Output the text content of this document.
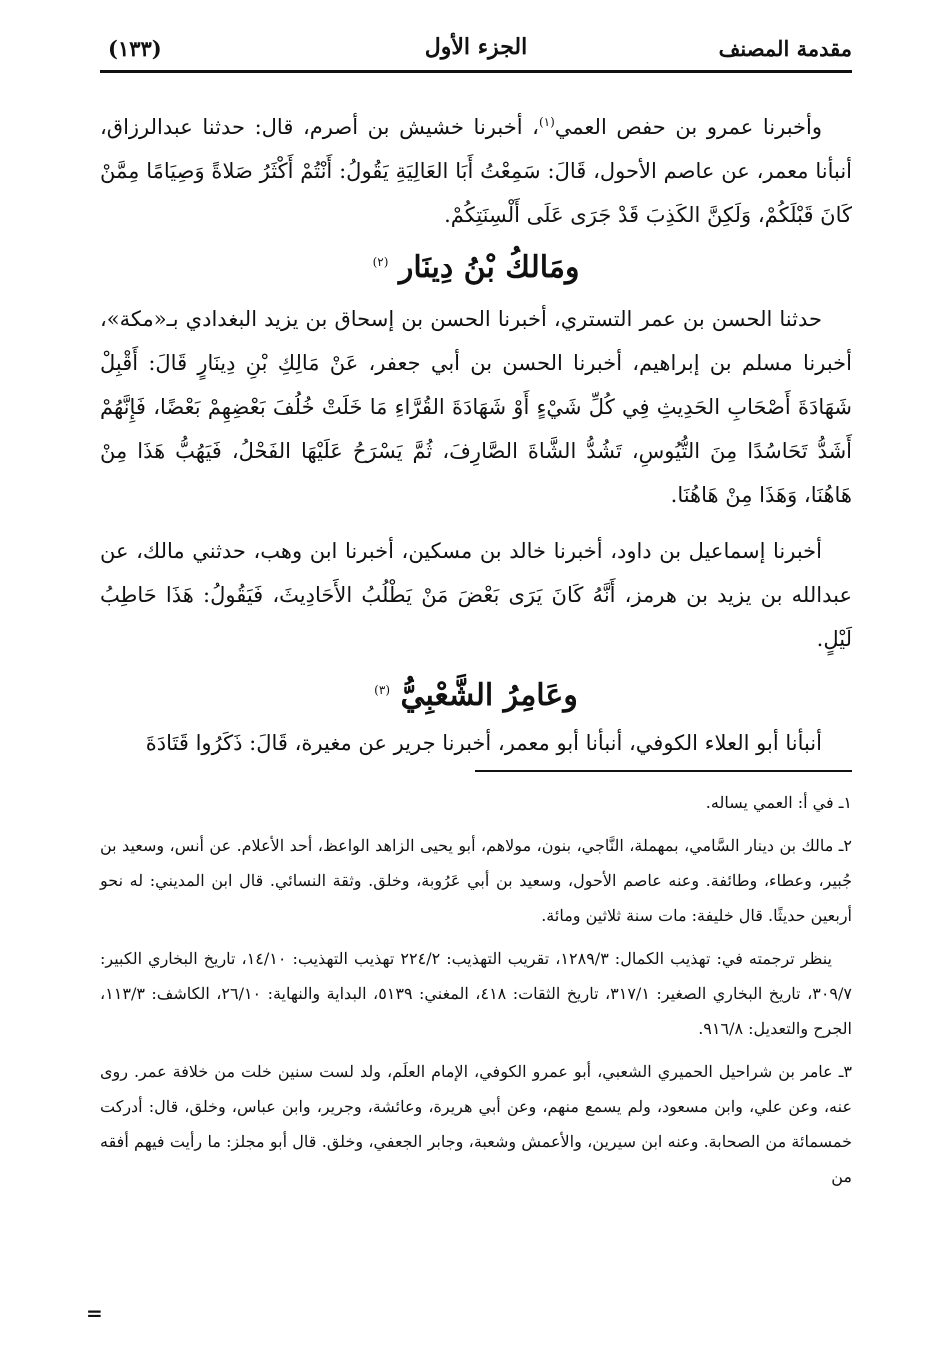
مقدمة المصنف
الجزء الأول
(١٣٣)

وأخبرنا عمرو بن حفص العمي$^{(١)}$، أخبرنا خشيش بن أصرم، قال: حدثنا عبدالرزاق، أنبأنا معمر، عن عاصم الأحول، قَالَ: سَمِعْتُ أَبَا العَالِيَةِ يَقُولُ: أَنْتُمْ أَكْثَرُ صَلاةً وَصِيَامًا مِمَّنْ كَانَ قَبْلَكُمْ، وَلَكِنَّ الكَذِبَ قَدْ جَرَى عَلَى أَلْسِنَتِكُمْ.

ومَالكُ بْنُ دِينَار $^{(٢)}$

حدثنا الحسن بن عمر التستري، أخبرنا الحسن بن إسحاق بن يزيد البغدادي بـ«مكة»، أخبرنا مسلم بن إبراهيم، أخبرنا الحسن بن أبي جعفر، عَنْ مَالِكِ بْنِ دِينَارٍ قَالَ: أَقْبِلْ شَهَادَةَ أَصْحَابِ الحَدِيثِ فِي كُلِّ شَيْءٍ أَوْ شَهَادَةَ القُرَّاءِ مَا خَلَتْ خُلُفَ بَعْضِهِمْ بَعْضًا، فَإِنَّهُمْ أَشَدُّ تَحَاسُدًا مِنَ التُّيُوسِ، تَشُدُّ الشَّاةَ الصَّارِفَ، ثُمَّ يَسْرَحُ عَلَيْهَا الفَحْلُ، فَيَهُبُّ هَذَا مِنْ هَاهُنَا، وَهَذَا مِنْ هَاهُنَا.

أخبرنا إسماعيل بن داود، أخبرنا خالد بن مسكين، أخبرنا ابن وهب، حدثني مالك، عن عبدالله بن يزيد بن هرمز، أَنَّهُ كَانَ يَرَى بَعْضَ مَنْ يَطْلُبُ الأَحَادِيثَ، فَيَقُولُ: هَذَا حَاطِبُ لَيْلٍ.

وعَامِرُ الشَّعْبِيُّ $^{(٣)}$

أنبأنا أبو العلاء الكوفي، أنبأنا أبو معمر، أخبرنا جرير عن مغيرة، قَالَ: ذَكَرُوا قَتَادَةَ

١ـ في أ: العمي يساله.

٢ـ مالك بن دينار السَّامي، بمهملة، النَّاجي، بنون، مولاهم، أبو يحيى الزاهد الواعظ، أحد الأعلام. عن أنس، وسعيد بن جُبير، وعطاء، وطائفة. وعنه عاصم الأحول، وسعيد بن أبي عَرُوبة، وخلق. وثقة النسائي. قال ابن المديني: له نحو أربعين حديثًا. قال خليفة: مات سنة ثلاثين ومائة.

ينظر ترجمته في: تهذيب الكمال: ١٢٨٩/٣، تقريب التهذيب: ٢٢٤/٢ تهذيب التهذيب: ١٤/١٠، تاريخ البخاري الكبير: ٣٠٩/٧، تاريخ البخاري الصغير: ٣١٧/١، تاريخ الثقات: ٤١٨، المغني: ٥١٣٩، البداية والنهاية: ٢٦/١٠، الكاشف: ١١٣/٣، الجرح والتعديل: ٩١٦/٨.

٣ـ عامر بن شراحيل الحميري الشعبي، أبو عمرو الكوفي، الإمام العلَم، ولد لست سنين خلت من خلافة عمر. روى عنه، وعن علي، وابن مسعود، ولم يسمع منهم، وعن أبي هريرة، وعائشة، وجرير، وابن عباس، وخلق، قال: أدركت خمسمائة من الصحابة. وعنه ابن سيرين، والأعمش وشعبة، وجابر الجعفي، وخلق. قال أبو مجلز: ما رأيت فيهم أفقه من

=
